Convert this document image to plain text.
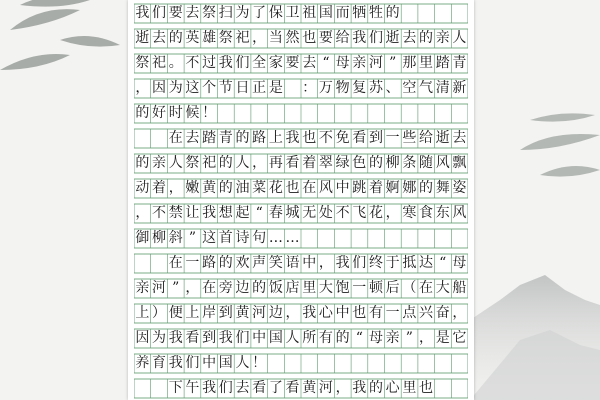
我 们 要 去 祭 扫 为 了 保 卫 祖 国 而 牺 牲 的
逝 去 的 英 雄 祭 祀 ， 当 然 也 要 给 我 们 逝 去 的 亲 人
祭 祀 。 不 过 我 们 全 家 要 去 “ 母 亲 河 ” 那 里 踏 青
， 因 为 这 个 节 日 正 是
： 万 物 复 苏 、 空 气 清 新
的 好 时 候 ！

在 去 踏 青 的 路 上 我 也 不 免 看 到 一 些 给 逝 去
的 亲 人 祭 祀 的 人 ， 再 看 着 翠 绿 色 的 柳 条 随 风 飘
动 着 ， 嫩 黄 的 油 菜 花 也 在 风 中 跳 着 婀 娜 的 舞 姿
， 不 禁 让 我 想 起 “ 春 城 无 处 不 飞 花 ， 寒 食 东 风
御 柳 斜 ” 这 首 诗 句 … …

在 一 路 的 欢 声 笑 语 中 ， 我 们 终 于 抵 达 “ 母
亲 河 ” ， 在 旁 边 的 饭 店 里 大 饱 一 顿 后 （ 在 大 船
上 ） 便 上 岸 到 黄 河 边 ， 我 心 中 也 有 一 点 兴 奋 ，
因 为 我 看 到 我 们 中 国 人 所 有 的 “ 母 亲 ” ， 是 它
养 育 我 们 中 国 人 ！

下 午 我 们 去 看 了 看 黄 河 ， 我 的 心 里 也
